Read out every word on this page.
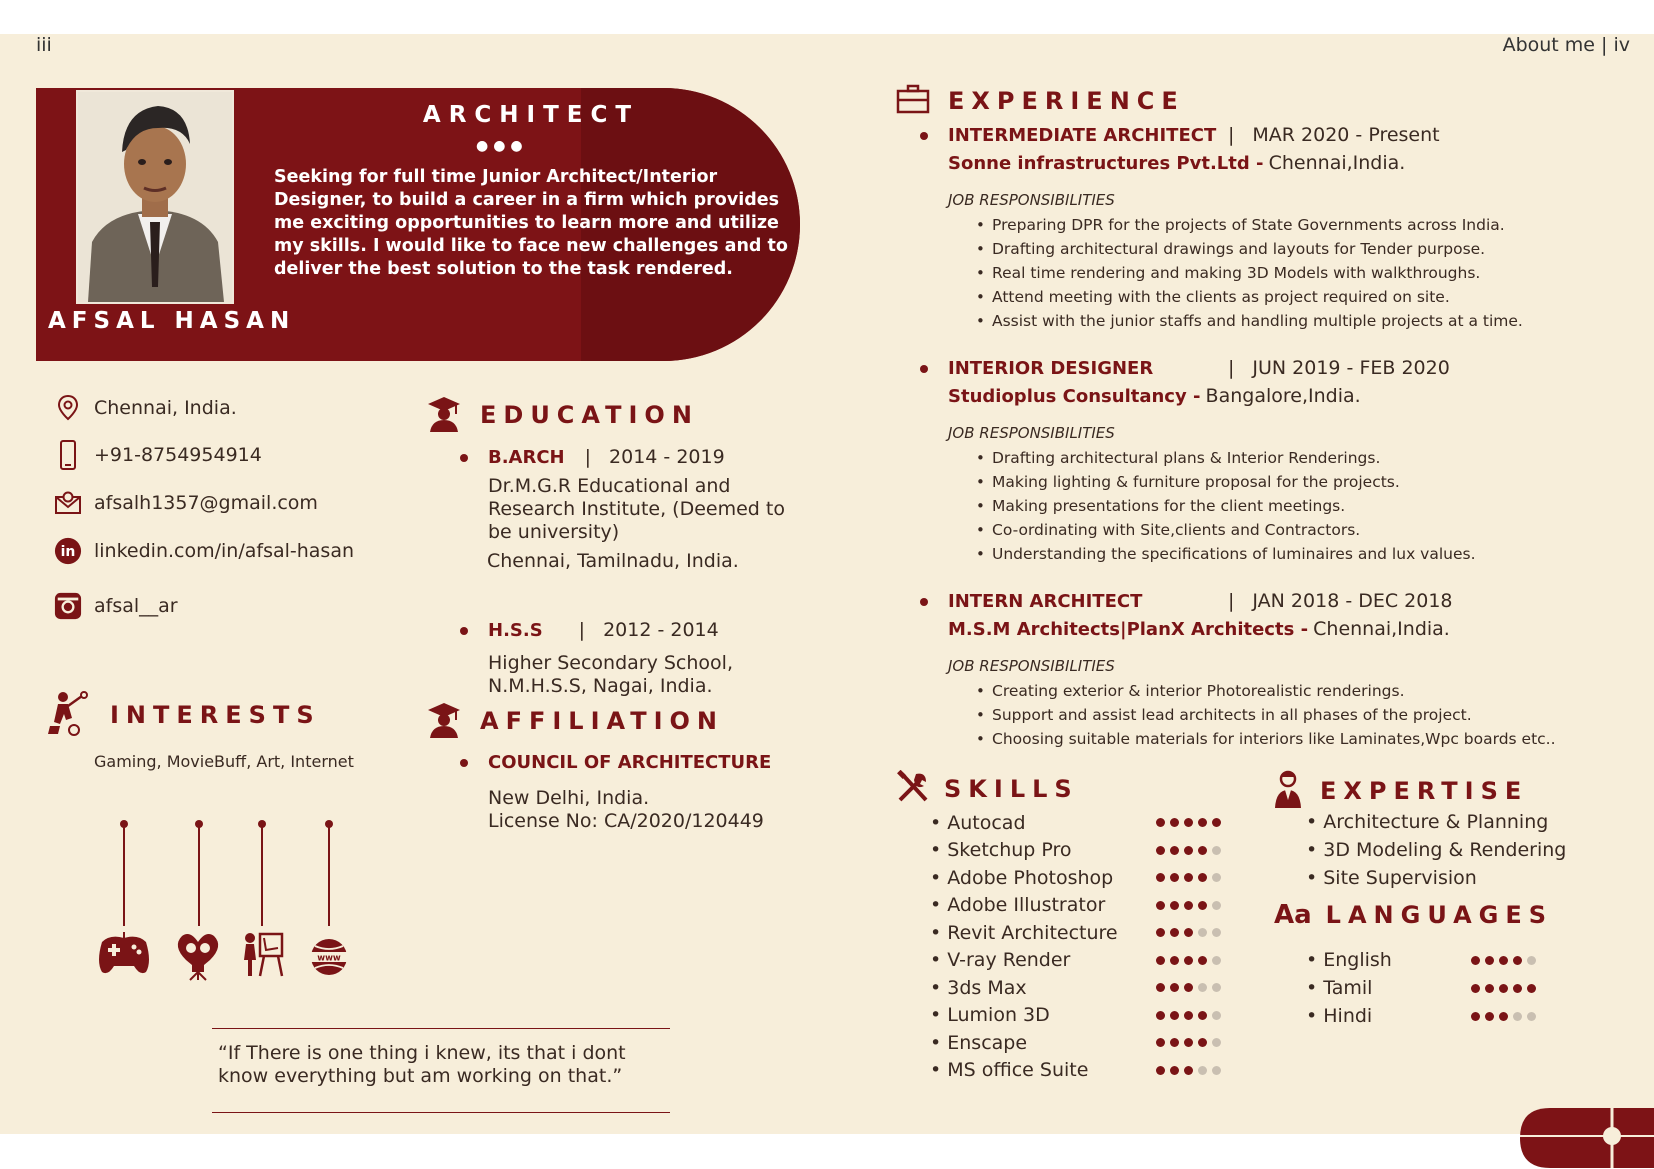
iii	About me | iv
ARCHITECT
●●●
Seeking for full time Junior Architect/Interior Designer, to build a career in a firm which provides me exciting opportunities to learn more and utilize my skills. I would like to face new challenges and to deliver the best solution to the task rendered.
AFSAL HASAN
Chennai, India.
+91-8754954914
afsalh1357@gmail.com
in linkedin.com/in/afsal-hasan
afsal__ar
EDUCATION
B.ARCH | 2014 - 2019
Dr.M.G.R Educational and Research Institute, (Deemed to be university)
Chennai, Tamilnadu, India.
H.S.S | 2012 - 2014
Higher Secondary School, N.M.H.S.S, Nagai, India.
AFFILIATION
COUNCIL OF ARCHITECTURE
New Delhi, India.
License No: CA/2020/120449
INTERESTS
Gaming, MovieBuff, Art, Internet
www
“If There is one thing i knew, its that i dont know everything but am working on that.”
EXPERIENCE
INTERMEDIATE ARCHITECT | MAR 2020 - Present
Sonne infrastructures Pvt.Ltd - Chennai,India.
JOB RESPONSIBILITIES
• Preparing DPR for the projects of State Governments across India.
• Drafting architectural drawings and layouts for Tender purpose.
• Real time rendering and making 3D Models with walkthroughs.
• Attend meeting with the clients as project required on site.
• Assist with the junior staffs and handling multiple projects at a time.
INTERIOR DESIGNER	| JUN 2019 - FEB 2020
Studioplus Consultancy - Bangalore,India.
JOB RESPONSIBILITIES
• Drafting architectural plans & Interior Renderings.
• Making lighting & furniture proposal for the projects.
• Making presentations for the client meetings.
• Co-ordinating with Site,clients and Contractors.
• Understanding the specifications of luminaires and lux values.
INTERN ARCHITECT	| JAN 2018 - DEC 2018
M.S.M Architects|PlanX Architects - Chennai,India.
JOB RESPONSIBILITIES
• Creating exterior & interior Photorealistic renderings.
• Support and assist lead architects in all phases of the project.
• Choosing suitable materials for interiors like Laminates,Wpc boards etc..
SKILLS
• Autocad
• Sketchup Pro
• Adobe Photoshop
• Adobe Illustrator
• Revit Architecture
• V-ray Render
• 3ds Max
• Lumion 3D
• Enscape
• MS office Suite
EXPERTISE
• Architecture & Planning
• 3D Modeling & Rendering
• Site Supervision
Aa LANGUAGES
• English
• Tamil
• Hindi
